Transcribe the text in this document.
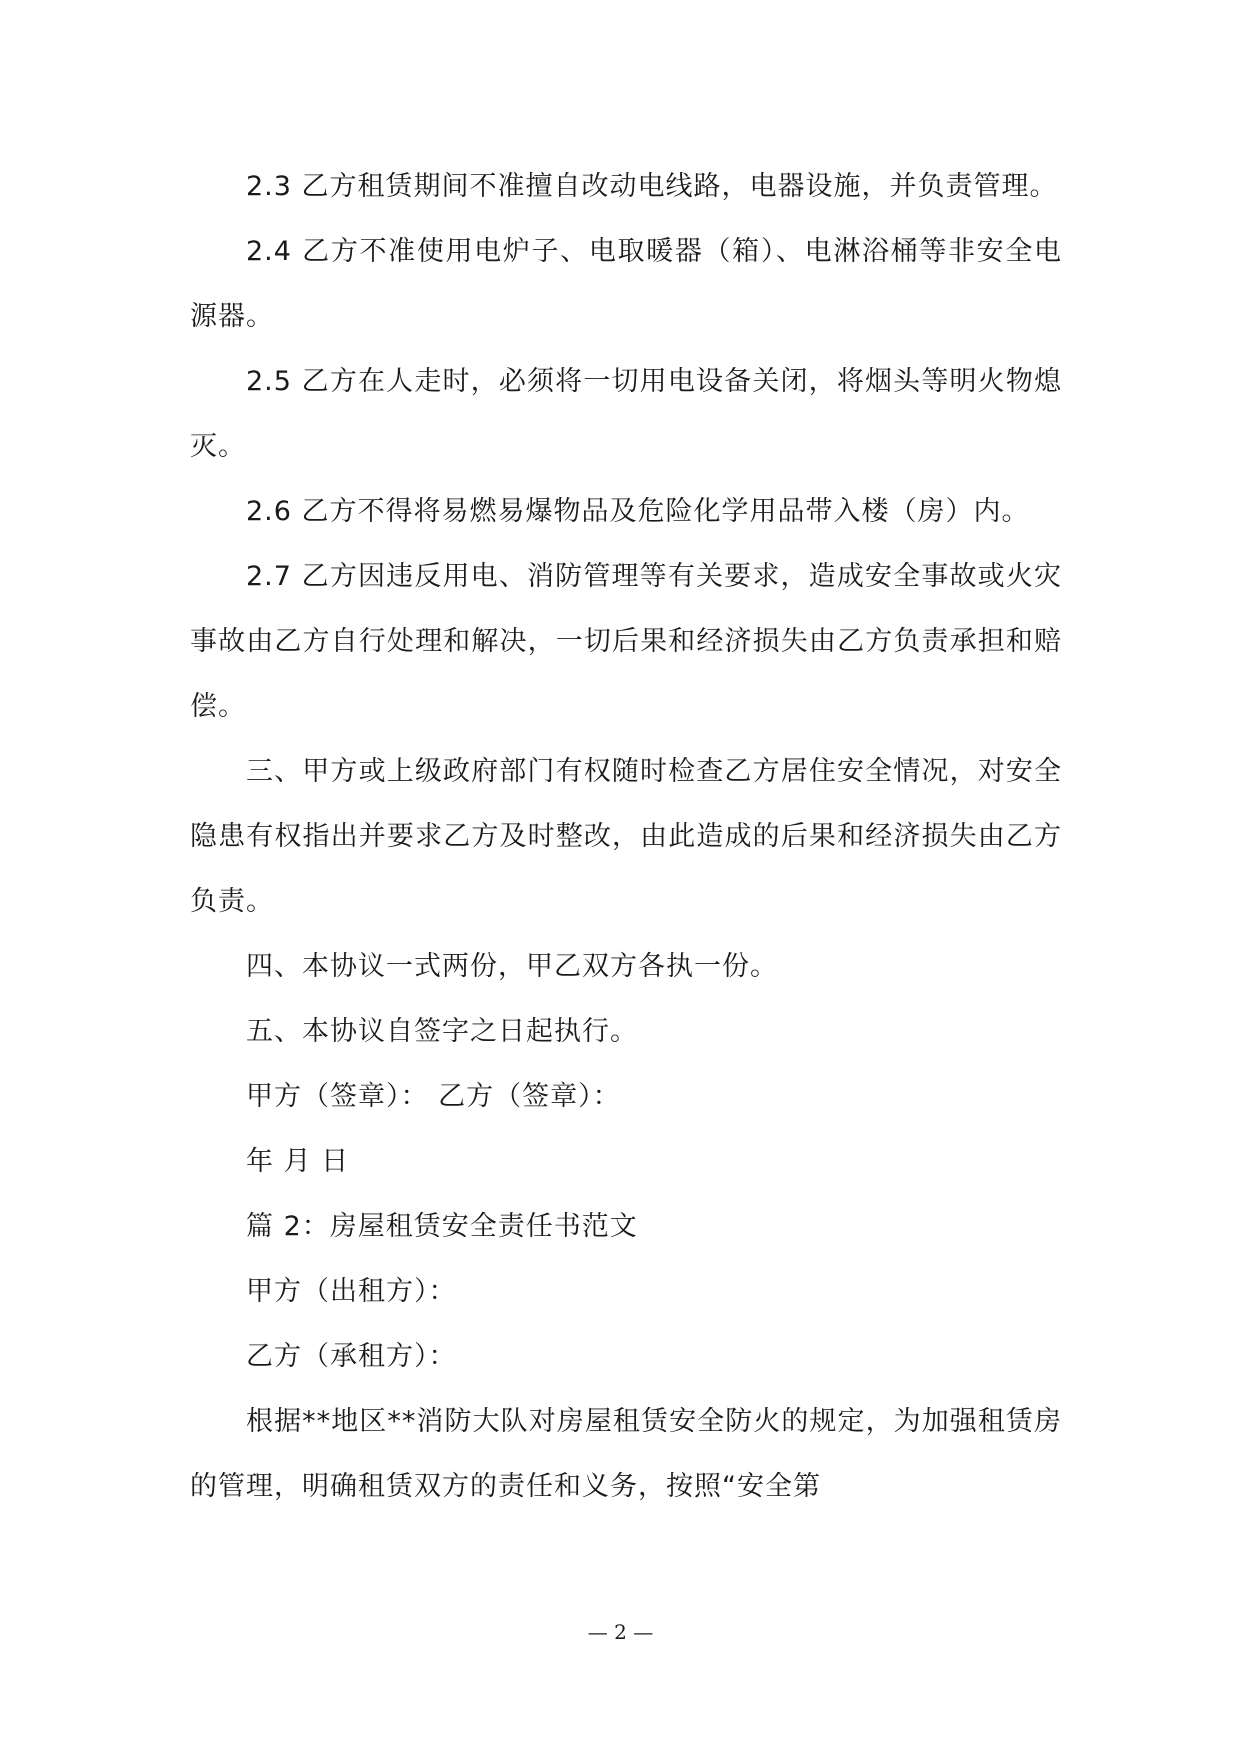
2.3 乙方租赁期间不准擅自改动电线路，电器设施，并负责管理。

2.4 乙方不准使用电炉子、电取暖器（箱）、电淋浴桶等非安全电源器。

2.5 乙方在人走时，必须将一切用电设备关闭，将烟头等明火物熄灭。

2.6 乙方不得将易燃易爆物品及危险化学用品带入楼（房）内。

2.7 乙方因违反用电、消防管理等有关要求，造成安全事故或火灾事故由乙方自行处理和解决，一切后果和经济损失由乙方负责承担和赔偿。

三、甲方或上级政府部门有权随时检查乙方居住安全情况，对安全隐患有权指出并要求乙方及时整改，由此造成的后果和经济损失由乙方负责。

四、本协议一式两份，甲乙双方各执一份。

五、本协议自签字之日起执行。

甲方（签章）： 乙方（签章）：

年 月 日

篇 2：房屋租赁安全责任书范文

甲方（出租方）：

乙方（承租方）：

根据**地区**消防大队对房屋租赁安全防火的规定，为加强租赁房的管理，明确租赁双方的责任和义务，按照“安全第

— 2 —
